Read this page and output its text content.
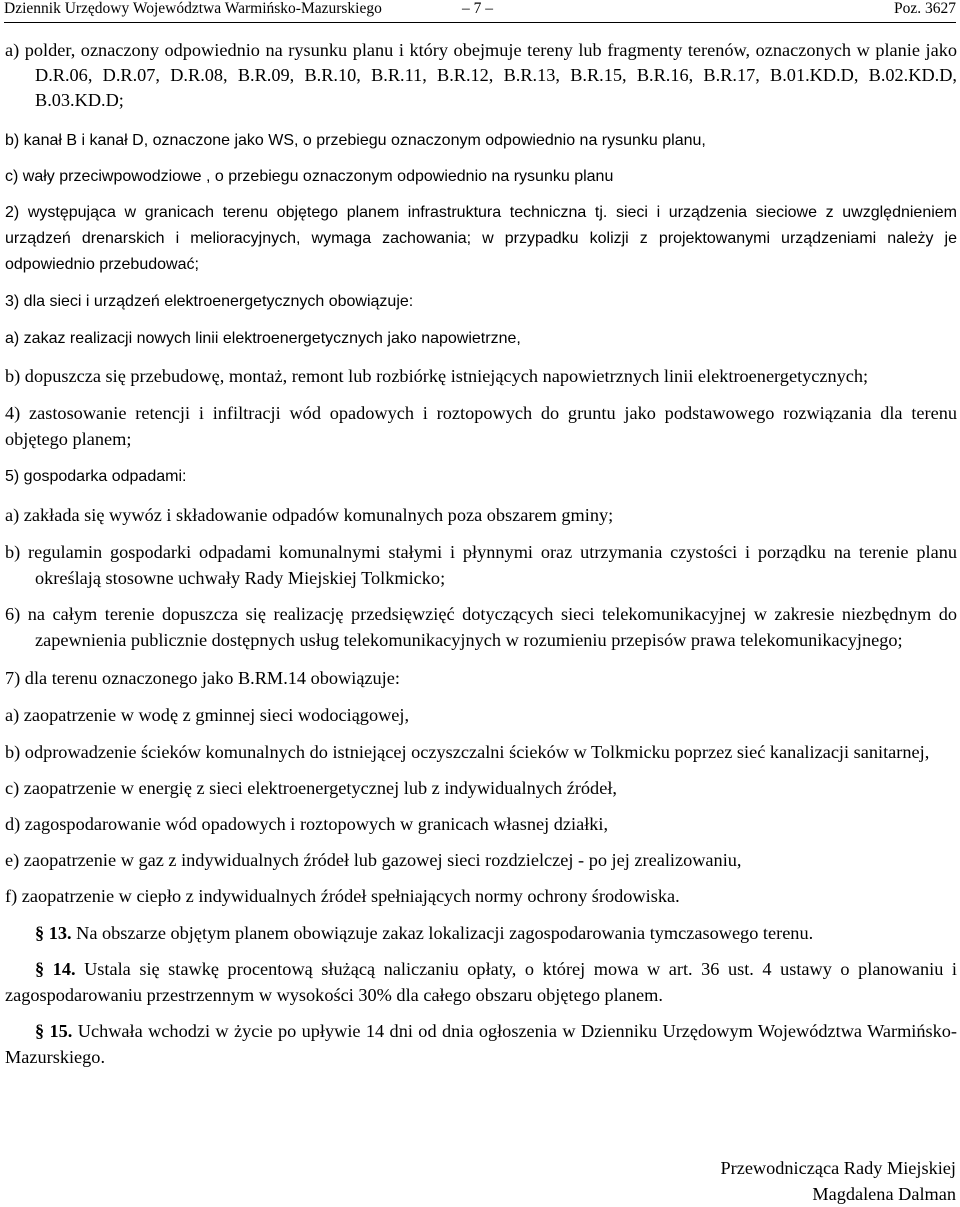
Dziennik Urzędowy Województwa Warmińsko-Mazurskiego	– 7 –	Poz. 3627

a) polder, oznaczony odpowiednio na rysunku planu i który obejmuje tereny lub fragmenty terenów, oznaczonych w planie jako D.R.06, D.R.07, D.R.08, B.R.09, B.R.10, B.R.11, B.R.12, B.R.13, B.R.15, B.R.16, B.R.17, B.01.KD.D, B.02.KD.D, B.03.KD.D;

b) kanał B i kanał D, oznaczone jako WS, o przebiegu oznaczonym odpowiednio na rysunku planu,

c) wały przeciwpowodziowe , o przebiegu oznaczonym odpowiednio na rysunku planu

2) występująca w granicach terenu objętego planem infrastruktura techniczna tj. sieci i urządzenia sieciowe z uwzględnieniem urządzeń drenarskich i melioracyjnych, wymaga zachowania; w przypadku kolizji z projektowanymi urządzeniami należy je odpowiednio przebudować;

3) dla sieci i urządzeń elektroenergetycznych obowiązuje:

a) zakaz realizacji nowych linii elektroenergetycznych jako napowietrzne,

b) dopuszcza się przebudowę, montaż, remont lub rozbiórkę istniejących napowietrznych linii elektroenergetycznych;

4) zastosowanie retencji i infiltracji wód opadowych i roztopowych do gruntu jako podstawowego rozwiązania dla terenu objętego planem;

5) gospodarka odpadami:

a) zakłada się wywóz i składowanie odpadów komunalnych poza obszarem gminy;

b) regulamin gospodarki odpadami komunalnymi stałymi i płynnymi oraz utrzymania czystości i porządku na terenie planu określają stosowne uchwały Rady Miejskiej Tolkmicko;

6) na całym terenie dopuszcza się realizację przedsięwzięć dotyczących sieci telekomunikacyjnej w zakresie niezbędnym do zapewnienia publicznie dostępnych usług telekomunikacyjnych w rozumieniu przepisów prawa telekomunikacyjnego;

7) dla terenu oznaczonego jako B.RM.14 obowiązuje:

a) zaopatrzenie w wodę z gminnej sieci wodociągowej,

b) odprowadzenie ścieków komunalnych do istniejącej oczyszczalni ścieków w Tolkmicku poprzez sieć kanalizacji sanitarnej,

c) zaopatrzenie w energię z sieci elektroenergetycznej lub z indywidualnych źródeł,

d) zagospodarowanie wód opadowych i roztopowych w granicach własnej działki,

e) zaopatrzenie w gaz z indywidualnych źródeł lub gazowej sieci rozdzielczej - po jej zrealizowaniu,

f) zaopatrzenie w ciepło z indywidualnych źródeł spełniających normy ochrony środowiska.

§ 13. Na obszarze objętym planem obowiązuje zakaz lokalizacji zagospodarowania tymczasowego terenu.

§ 14. Ustala się stawkę procentową służącą naliczaniu opłaty, o której mowa w art. 36 ust. 4 ustawy o planowaniu i zagospodarowaniu przestrzennym w wysokości 30% dla całego obszaru objętego planem.

§ 15. Uchwała wchodzi w życie po upływie 14 dni od dnia ogłoszenia w Dzienniku Urzędowym Województwa Warmińsko-Mazurskiego.

Przewodnicząca Rady Miejskiej
Magdalena Dalman
